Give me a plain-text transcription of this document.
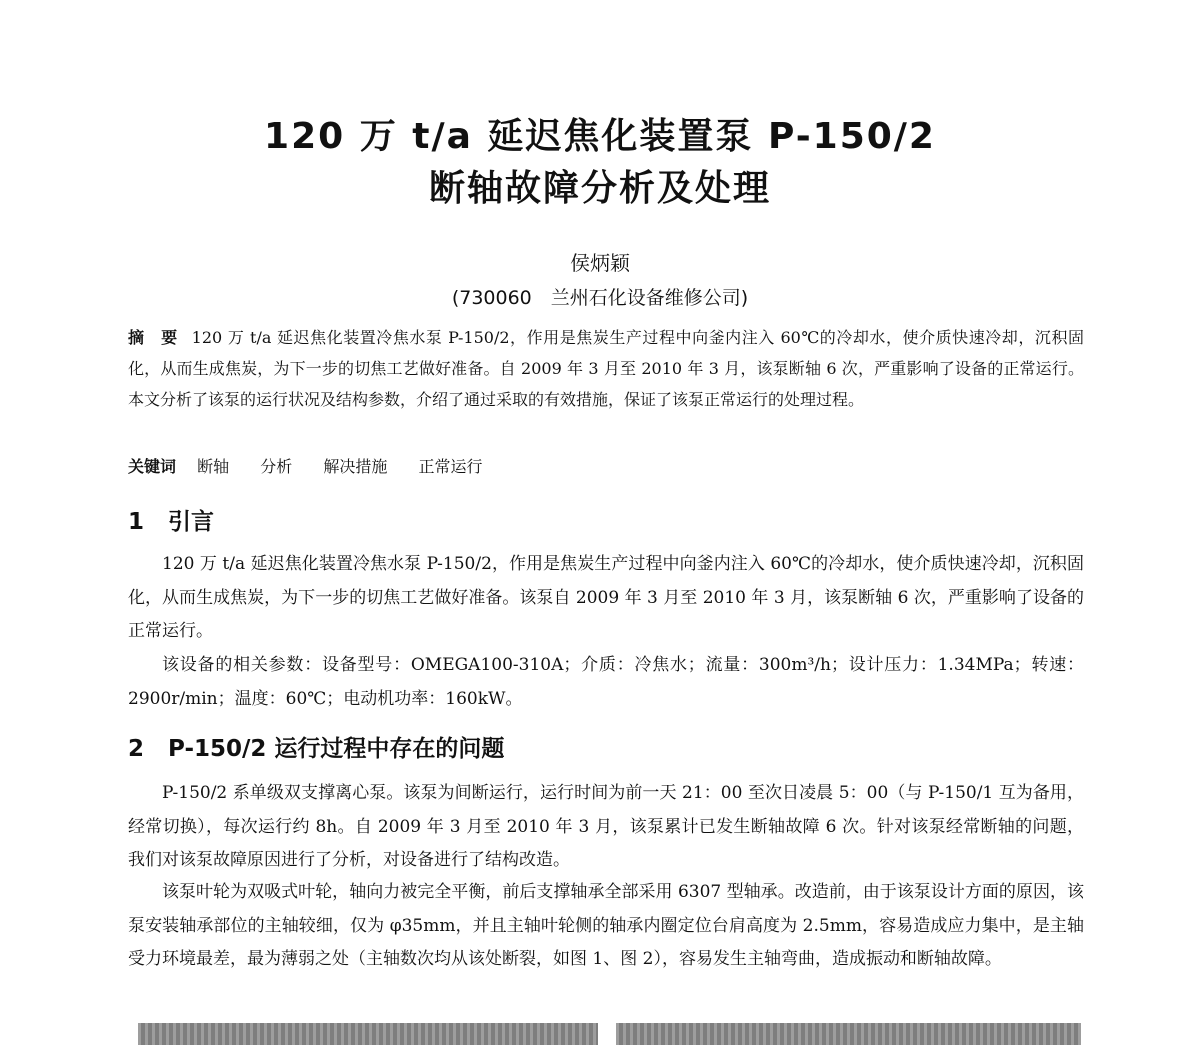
120 万 t/a 延迟焦化装置泵 P-150/2
断轴故障分析及处理
侯炳颖
(730060　兰州石化设备维修公司)

摘　要 120 万 t/a 延迟焦化装置冷焦水泵 P-150/2，作用是焦炭生产过程中向釜内注入 60℃的冷却水，使介质快速冷却，沉积固化，从而生成焦炭，为下一步的切焦工艺做好准备。自 2009 年 3 月至 2010 年 3 月，该泵断轴 6 次，严重影响了设备的正常运行。本文分析了该泵的运行状况及结构参数，介绍了通过采取的有效措施，保证了该泵正常运行的处理过程。

关键词 断轴 分析 解决措施 正常运行
1 引言

120 万 t/a 延迟焦化装置冷焦水泵 P-150/2，作用是焦炭生产过程中向釜内注入 60℃的冷却水，使介质快速冷却，沉积固化，从而生成焦炭，为下一步的切焦工艺做好准备。该泵自 2009 年 3 月至 2010 年 3 月，该泵断轴 6 次，严重影响了设备的正常运行。

该设备的相关参数：设备型号：OMEGA100-310A；介质：冷焦水；流量：300m³/h；设计压力：1.34MPa；转速：2900r/min；温度：60℃；电动机功率：160kW。

2 P-150/2 运行过程中存在的问题

P-150/2 系单级双支撑离心泵。该泵为间断运行，运行时间为前一天 21：00 至次日凌晨 5：00（与 P-150/1 互为备用，经常切换），每次运行约 8h。自 2009 年 3 月至 2010 年 3 月，该泵累计已发生断轴故障 6 次。针对该泵经常断轴的问题，我们对该泵故障原因进行了分析，对设备进行了结构改造。

该泵叶轮为双吸式叶轮，轴向力被完全平衡，前后支撑轴承全部采用 6307 型轴承。改造前，由于该泵设计方面的原因，该泵安装轴承部位的主轴较细，仅为 φ35mm，并且主轴叶轮侧的轴承内圈定位台肩高度为 2.5mm，容易造成应力集中，是主轴受力环境最差，最为薄弱之处（主轴数次均从该处断裂，如图 1、图 2），容易发生主轴弯曲，造成振动和断轴故障。
